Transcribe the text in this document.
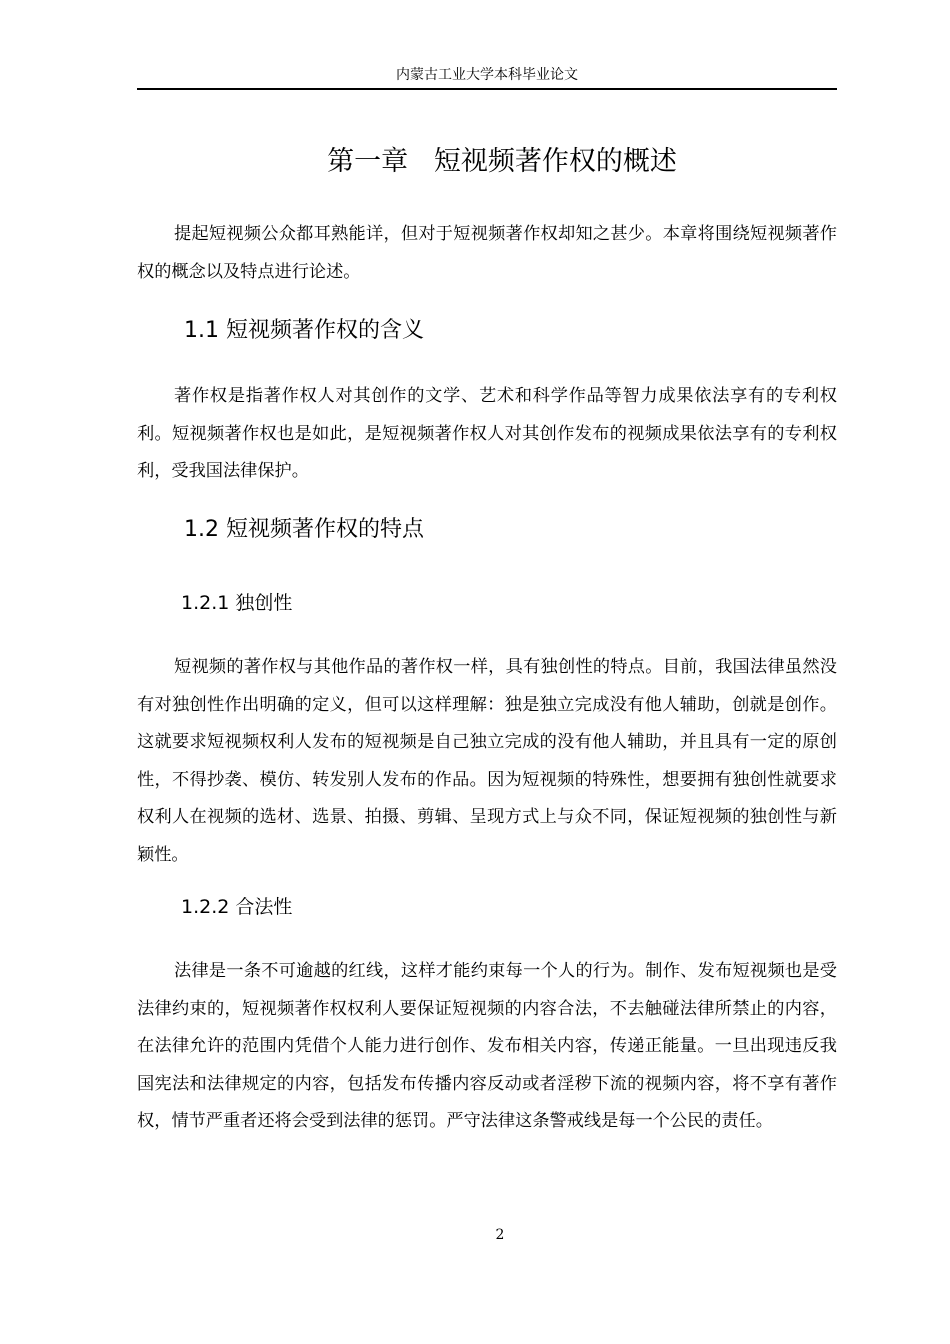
内蒙古工业大学本科毕业论文
第一章   短视频著作权的概述

提起短视频公众都耳熟能详，但对于短视频著作权却知之甚少。本章将围绕短视频著作权的概念以及特点进行论述。

1.1 短视频著作权的含义

著作权是指著作权人对其创作的文学、艺术和科学作品等智力成果依法享有的专利权利。短视频著作权也是如此，是短视频著作权人对其创作发布的视频成果依法享有的专利权利，受我国法律保护。

1.2 短视频著作权的特点
1.2.1 独创性

短视频的著作权与其他作品的著作权一样，具有独创性的特点。目前，我国法律虽然没有对独创性作出明确的定义，但可以这样理解：独是独立完成没有他人辅助，创就是创作。这就要求短视频权利人发布的短视频是自己独立完成的没有他人辅助，并且具有一定的原创性，不得抄袭、模仿、转发别人发布的作品。因为短视频的特殊性，想要拥有独创性就要求权利人在视频的选材、选景、拍摄、剪辑、呈现方式上与众不同，保证短视频的独创性与新颖性。

1.2.2 合法性

法律是一条不可逾越的红线，这样才能约束每一个人的行为。制作、发布短视频也是受法律约束的，短视频著作权权利人要保证短视频的内容合法，不去触碰法律所禁止的内容，在法律允许的范围内凭借个人能力进行创作、发布相关内容，传递正能量。一旦出现违反我国宪法和法律规定的内容，包括发布传播内容反动或者淫秽下流的视频内容，将不享有著作权，情节严重者还将会受到法律的惩罚。严守法律这条警戒线是每一个公民的责任。

2
